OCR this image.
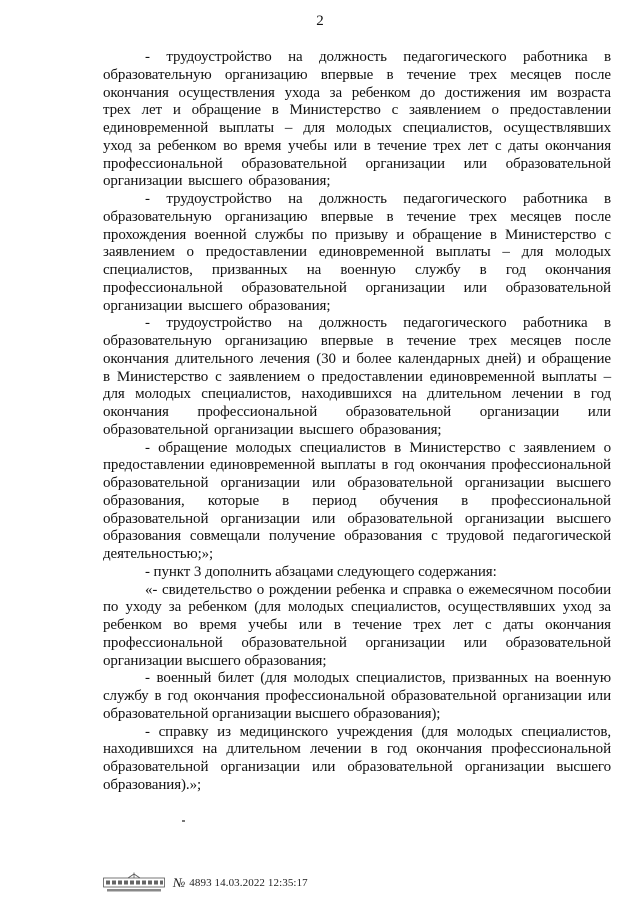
2

- трудоустройство на должность педагогического работника в образовательную организацию впервые в течение трех месяцев после окончания осуществления ухода за ребенком до достижения им возраста трех лет и обращение в Министерство с заявлением о предоставлении единовременной выплаты – для молодых специалистов, осуществлявших уход за ребенком во время учебы или в течение трех лет с даты окончания профессиональной образовательной организации или образовательной организации высшего образования;

- трудоустройство на должность педагогического работника в образовательную организацию впервые в течение трех месяцев после прохождения военной службы по призыву и обращение в Министерство с заявлением о предоставлении единовременной выплаты – для молодых специалистов, призванных на военную службу в год окончания профессиональной образовательной организации или образовательной организации высшего образования;

- трудоустройство на должность педагогического работника в образовательную организацию впервые в течение трех месяцев после окончания длительного лечения (30 и более календарных дней) и обращение в Министерство с заявлением о предоставлении единовременной выплаты – для молодых специалистов, находившихся на длительном лечении в год окончания профессиональной образовательной организации или образовательной организации высшего образования;

- обращение молодых специалистов в Министерство с заявлением о предоставлении единовременной выплаты в год окончания профессиональной образовательной организации или образовательной организации высшего образования, которые в период обучения в профессиональной образовательной организации или образовательной организации высшего образования совмещали получение образования с трудовой педагогической деятельностью;»;

- пункт 3 дополнить абзацами следующего содержания:

«- свидетельство о рождении ребенка и справка о ежемесячном пособии по уходу за ребенком (для молодых специалистов, осуществлявших уход за ребенком во время учебы или в течение трех лет с даты окончания профессиональной образовательной организации или образовательной организации высшего образования;

- военный билет (для молодых специалистов, призванных на военную службу в год окончания профессиональной образовательной организации или образовательной организации высшего образования);

- справку из медицинского учреждения (для молодых специалистов, находившихся на длительном лечении в год окончания профессиональной образовательной организации или образовательной организации высшего образования).»;

№ 4893 14.03.2022 12:35:17
